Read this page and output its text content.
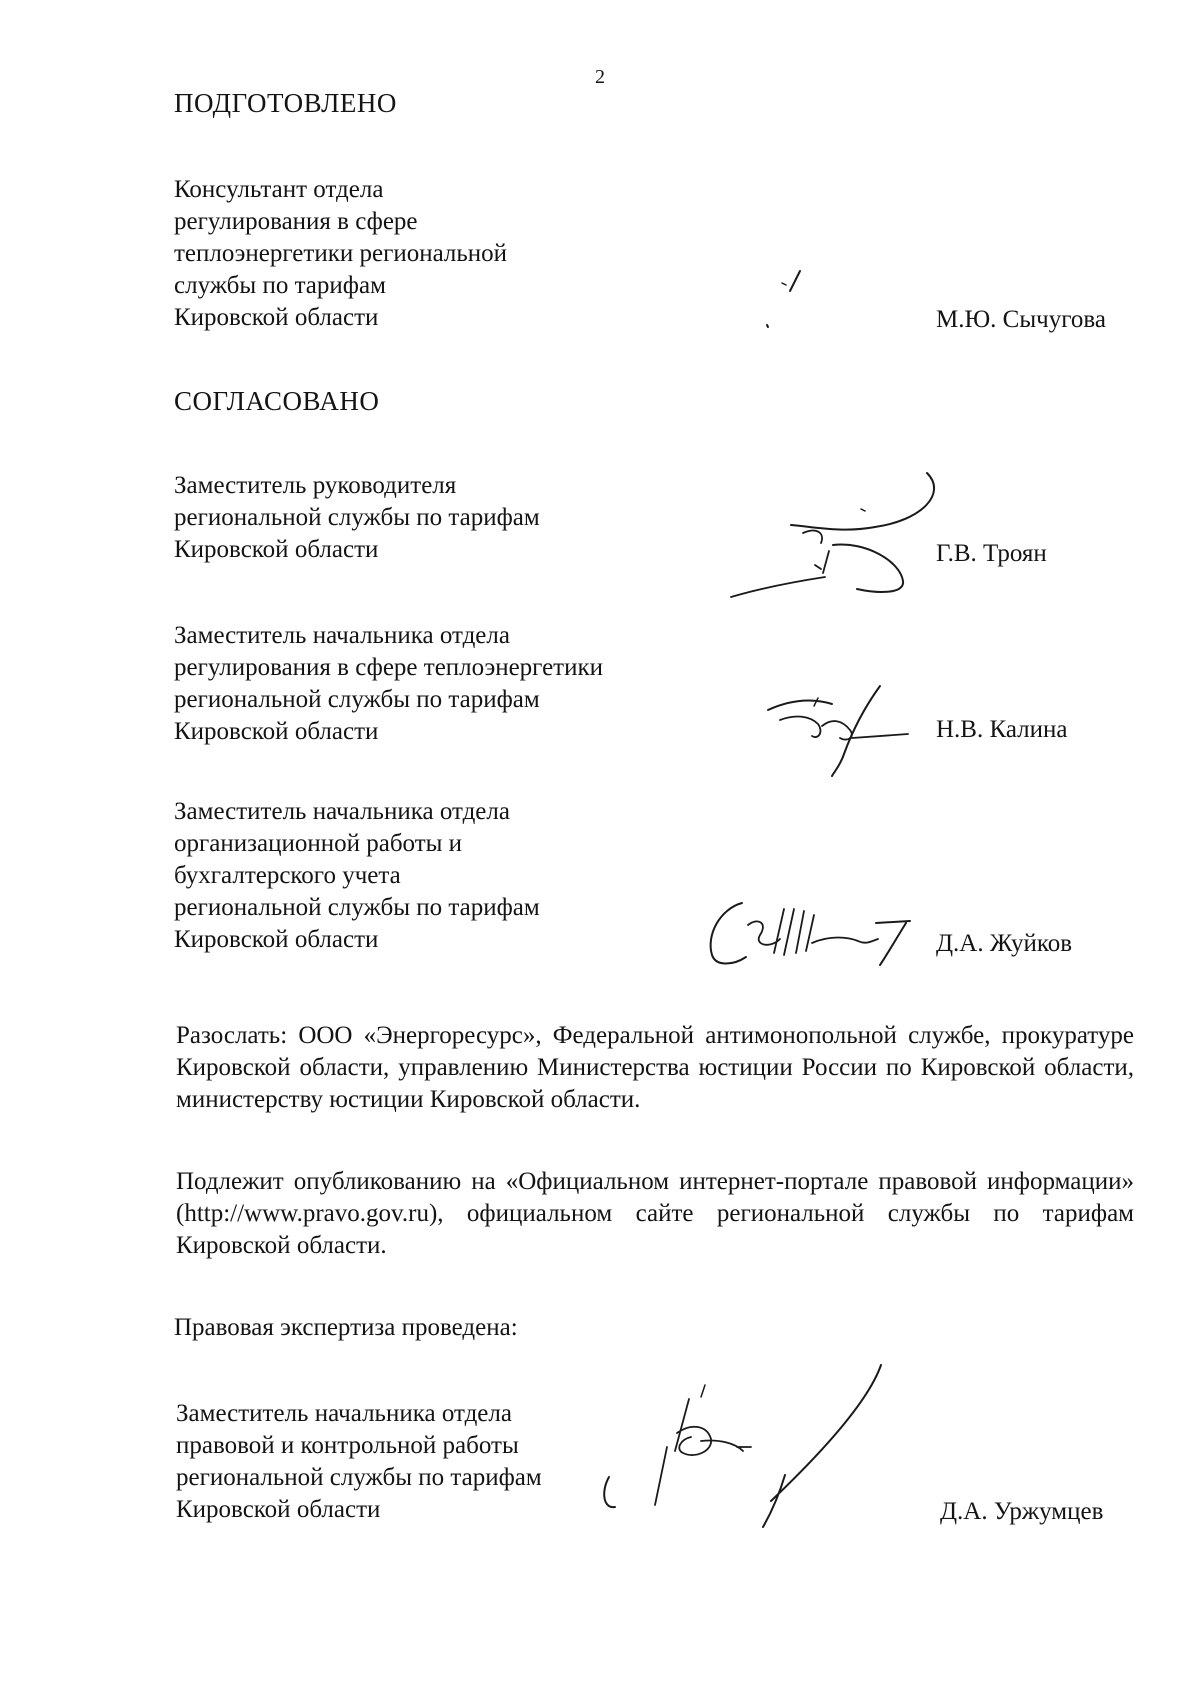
2
ПОДГОТОВЛЕНО
Консультант отдела
регулирования в сфере
теплоэнергетики региональной
службы по тарифам
Кировской области	М.Ю. Сычугова
СОГЛАСОВАНО
Заместитель руководителя
региональной службы по тарифам
Кировской области	Г.В. Троян
Заместитель начальника отдела
регулирования в сфере теплоэнергетики
региональной службы по тарифам
Кировской области	Н.В. Калина
Заместитель начальника отдела
организационной работы и
бухгалтерского учета
региональной службы по тарифам
Кировской области	Д.А. Жуйков
Разослать: ООО «Энергоресурс», Федеральной антимонопольной службе, прокуратуре Кировской области, управлению Министерства юстиции России по Кировской области, министерству юстиции Кировской области.
Подлежит опубликованию на «Официальном интернет-портале правовой информации» (http://www.pravo.gov.ru), официальном сайте региональной службы по тарифам Кировской области.
Правовая экспертиза проведена:
Заместитель начальника отдела
правовой и контрольной работы
региональной службы по тарифам
Кировской области	Д.А. Уржумцев
